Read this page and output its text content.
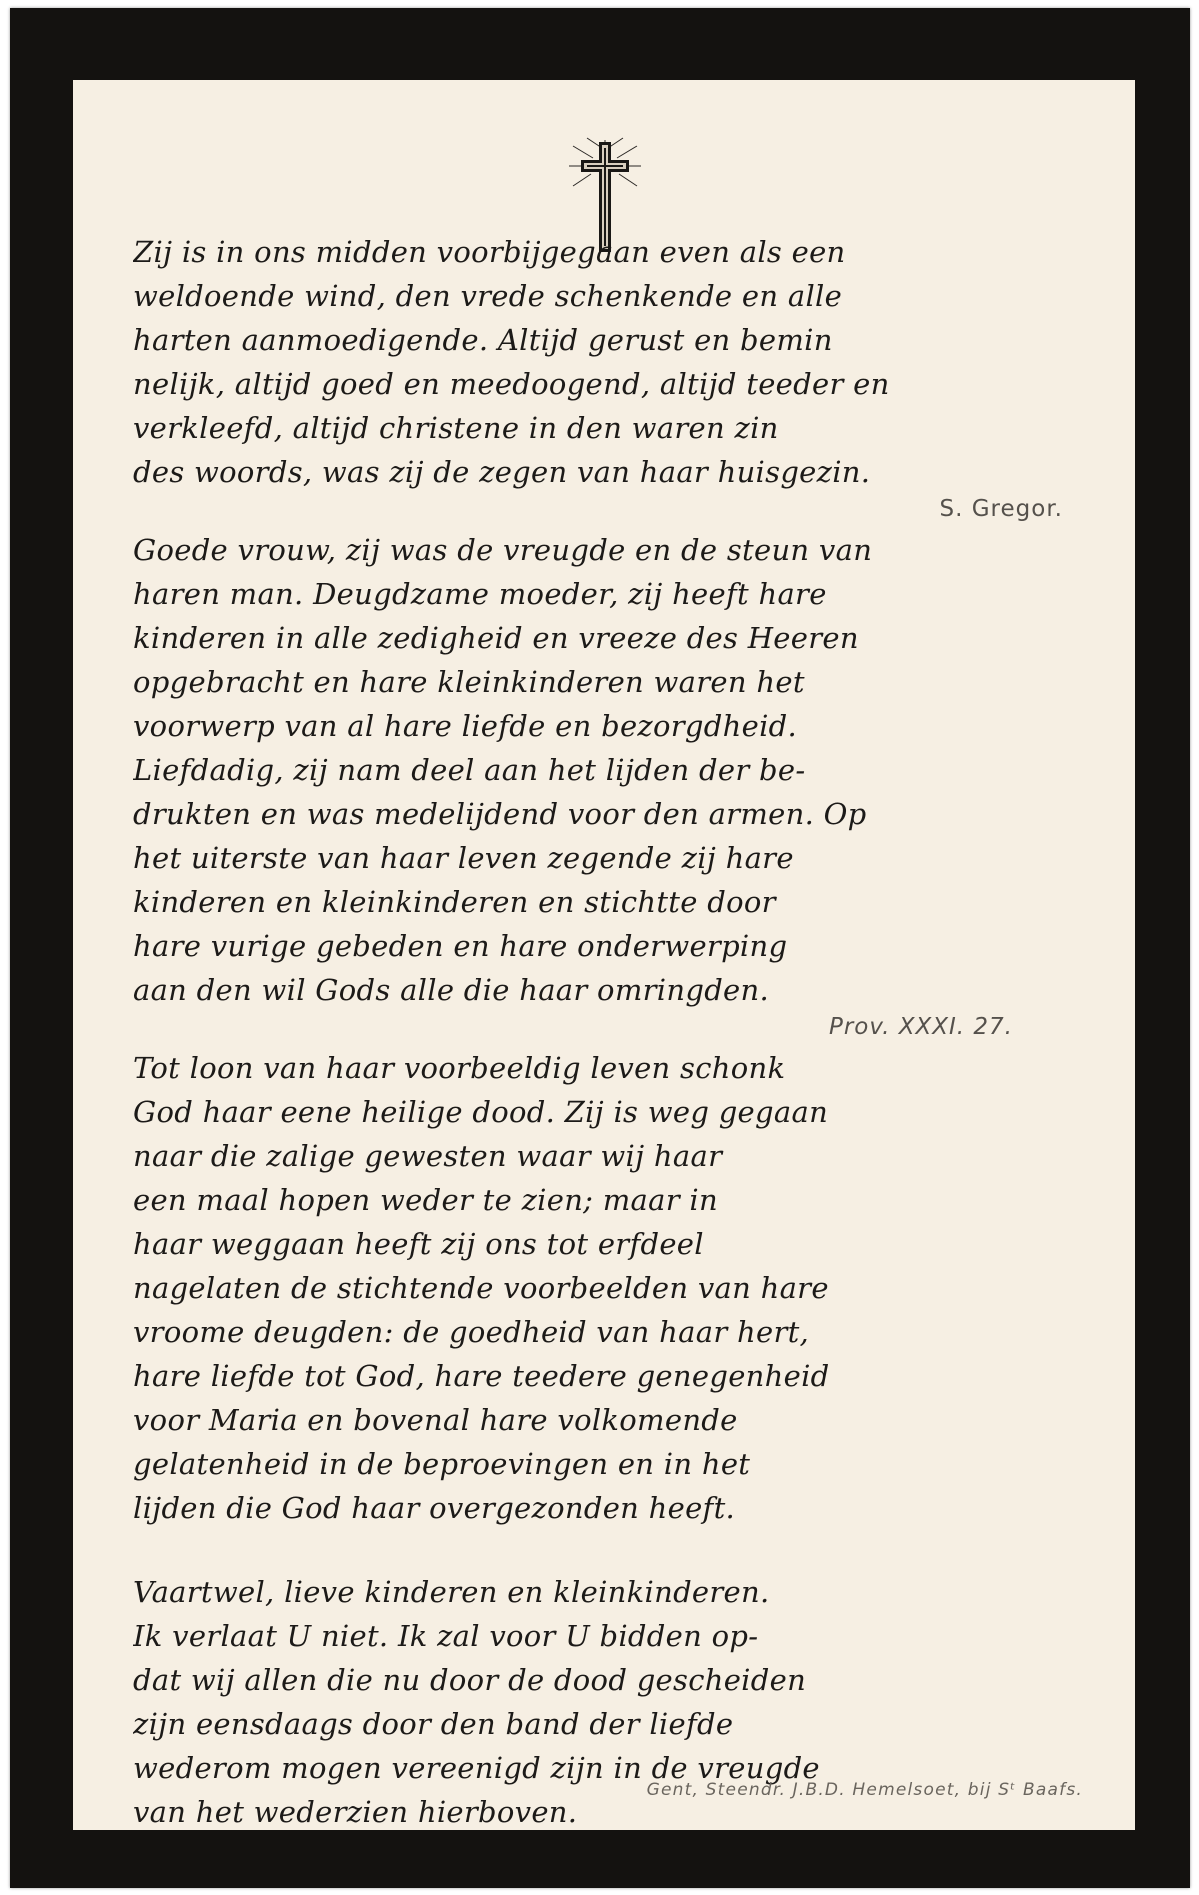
Zij is in ons midden voorbijgegaan even als een
weldoende wind, den vrede schenkende en alle
harten aanmoedigende. Altijd gerust en bemin
nelijk, altijd goed en meedoogend, altijd teeder en
verkleefd, altijd christene in den waren zin
des woords, was zij de zegen van haar huisgezin.
S. Gregor.
Goede vrouw, zij was de vreugde en de steun van
haren man. Deugdzame moeder, zij heeft hare
kinderen in alle zedigheid en vreeze des Heeren
opgebracht en hare kleinkinderen waren het
voorwerp van al hare liefde en bezorgdheid.
Liefdadig, zij nam deel aan het lijden der be-
drukten en was medelijdend voor den armen. Op
het uiterste van haar leven zegende zij hare
kinderen en kleinkinderen en stichtte door
hare vurige gebeden en hare onderwerping
aan den wil Gods alle die haar omringden.
Prov. XXXI. 27.
Tot loon van haar voorbeeldig leven schonk
God haar eene heilige dood. Zij is weg gegaan
naar die zalige gewesten waar wij haar
een maal hopen weder te zien; maar in
haar weggaan heeft zij ons tot erfdeel
nagelaten de stichtende voorbeelden van hare
vroome deugden: de goedheid van haar hert,
hare liefde tot God, hare teedere genegenheid
voor Maria en bovenal hare volkomende
gelatenheid in de beproevingen en in het
lijden die God haar overgezonden heeft.
Vaartwel, lieve kinderen en kleinkinderen.
Ik verlaat U niet. Ik zal voor U bidden op-
dat wij allen die nu door de dood gescheiden
zijn eensdaags door den band der liefde
wederom mogen vereenigd zijn in de vreugde
van het wederzien hierboven.
Gent, Steendr. J.B.D. Hemelsoet, bij Sᵗ Baafs.
